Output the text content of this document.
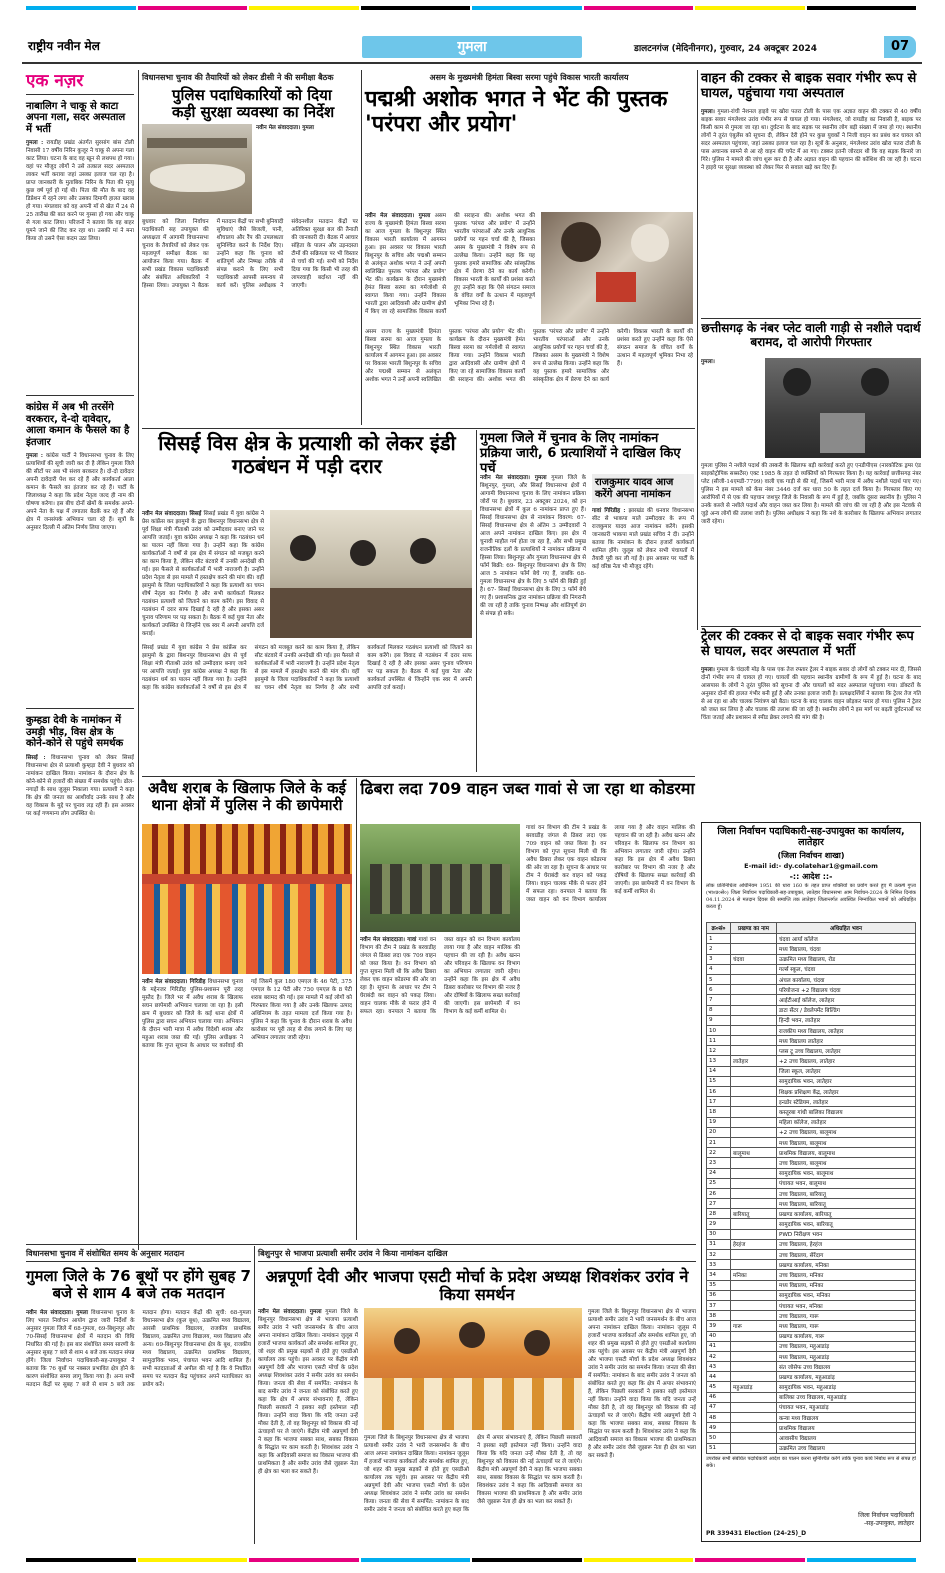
राष्ट्रीय नवीन मेल	गुमला	डालटनगंज (मेदिनीनगर), गुरुवार, 24 अक्टूबर 2024	07
एक नज़र
नाबालिग ने चाकू से काटा अपना गला, सदर अस्पताल में भर्ती
गुमला : रायडीह प्रखंड अंतर्गत सुरसांग बांस टोली निवासी 17 वर्षीय निरिन कुजूर ने चाकू से अपना गला काट लिया। घटना के बाद वह खून से लथपथ हो गया। वहां पर मौजूद लोगों ने उसे तत्काल सदर अस्पताल लाकर भर्ती कराया जहां उसका इलाज चल रहा है। प्राप्त जानकारी के मुताबिक निरिन के पिता की मृत्यु कुछ वर्ष पूर्व हो गई थी। पिता की मौत के बाद वह डिप्रेशन में रहने लगा और उसका दिमागी हालत खराब हो गया। मंगलवार को वह अपनी माँ से खेत में 24 से 25 तारीख की बात करने पर गुस्सा हो गया और चाकू से गला काट लिया। परिजनों ने बताया कि वह बाहर घूमने जाने की जिद कर रहा था। उसकी मां ने मना किया तो उसने ऐसा कदम उठा लिया।
कांग्रेस में अब भी तरसेंगे वरकरार, दे-दो दावेदार, आला कमान के फैसले का है इंतजार
गुमला : कांग्रेस पार्टी ने विधानसभा चुनाव के लिए प्रत्याशियों की सूची जारी कर दी है लेकिन गुमला जिले की सीटों पर अब भी संशय बरकरार है। दो-दो दावेदार अपनी दावेदारी पेश कर रहे हैं और कार्यकर्ता आला कमान के फैसले का इंतजार कर रहे हैं। पार्टी के जिलाध्यक्ष ने कहा कि प्रदेश नेतृत्व जल्द ही नाम की घोषणा करेगा। इस बीच दोनों खेमों के समर्थक अपने-अपने नेता के पक्ष में लगातार बैठकें कर रहे हैं और क्षेत्र में जनसंपर्क अभियान चला रहे हैं। सूत्रों के अनुसार दिल्ली में अंतिम निर्णय लिया जाएगा।
कुम्हडा देवी के नामांकन में उमड़ी भीड़, विस क्षेत्र के कोने-कोने से पहुंचे समर्थक
सिसई : विधानसभा चुनाव को लेकर सिसई विधानसभा क्षेत्र से प्रत्याशी कुम्हड़ा देवी ने बुधवार को नामांकन दाखिल किया। नामांकन के दौरान क्षेत्र के कोने-कोने से हजारों की संख्या में समर्थक पहुंचे। ढोल-नगाड़ों के साथ जुलूस निकाला गया। प्रत्याशी ने कहा कि क्षेत्र की जनता का आशीर्वाद उनके साथ है और वह विकास के मुद्दे पर चुनाव लड़ रही हैं। इस अवसर पर कई गणमान्य लोग उपस्थित थे।
विधानसभा चुनाव की तैयारियों को लेकर डीसी ने की समीक्षा बैठक
पुलिस पदाधिकारियों को दिया कड़ी सुरक्षा व्यवस्था का निर्देश
नवीन मेल संवाददाता। गुमला
बुधवार को जिला निर्वाचन पदाधिकारी सह उपायुक्त की अध्यक्षता में आगामी विधानसभा चुनाव के तैयारियों को लेकर एक महत्वपूर्ण समीक्षा बैठक का आयोजन किया गया। बैठक में सभी प्रखंड विकास पदाधिकारी और संबंधित अधिकारियों ने हिस्सा लिया। उपायुक्त ने बैठक में मतदान केंद्रों पर सभी बुनियादी सुविधाएं जैसे बिजली, पानी, शौचालय और रैंप की उपलब्धता सुनिश्चित करने के निर्देश दिए। उन्होंने कहा कि चुनाव को शांतिपूर्ण और निष्पक्ष तरीके से संपन्न कराने के लिए सभी पदाधिकारी आपसी समन्वय से कार्य करें। पुलिस अधीक्षक ने संवेदनशील मतदान केंद्रों पर अतिरिक्त सुरक्षा बल की तैनाती की जानकारी दी। बैठक में आचार संहिता के पालन और उड़नदस्ता टीमों की सक्रियता पर भी विस्तार से चर्चा की गई। सभी को निर्देश दिया गया कि किसी भी तरह की लापरवाही बर्दाश्त नहीं की जाएगी।
असम के मुख्यमंत्री हिमंता बिस्वा सरमा पहुंचे विकास भारती कार्यालय
पद्मश्री अशोक भगत ने भेंट की पुस्तक 'परंपरा और प्रयोग'
नवीन मेल संवाददाता। गुमला असम राज्य के मुख्यमंत्री हिमंता बिस्वा सरमा का आज गुमला के बिशुनपुर स्थित विकास भारती कार्यालय में आगमन हुआ। इस अवसर पर विकास भारती बिशुनपुर के सचिव और पद्मश्री सम्मान से अलंकृत अशोक भगत ने उन्हें अपनी स्वलिखित पुस्तक 'परंपरा और प्रयोग' भेंट की। कार्यक्रम के दौरान मुख्यमंत्री हेमंत बिस्वा सरमा का गर्मजोशी से स्वागत किया गया। उन्होंने विकास भारती द्वारा आदिवासी और ग्रामीण क्षेत्रों में किए जा रहे सामाजिक विकास कार्यों की सराहना की। अशोक भगत की पुस्तक 'परंपरा और प्रयोग' में उन्होंने भारतीय परंपराओं और उनके आधुनिक प्रयोगों पर गहन चर्चा की है, जिसका असम के मुख्यमंत्री ने विशेष रूप से उल्लेख किया। उन्होंने कहा कि यह पुस्तक हमारे सामाजिक और सांस्कृतिक क्षेत्र में प्रेरणा देने का कार्य करेगी। विकास भारती के कार्यों की प्रशंसा करते हुए उन्होंने कहा कि ऐसे संगठन समाज के वंचित वर्गों के उत्थान में महत्वपूर्ण भूमिका निभा रहे हैं।
असम राज्य के मुख्यमंत्री हिमंता बिस्वा सरमा का आज गुमला के बिशुनपुर स्थित विकास भारती कार्यालय में आगमन हुआ। इस अवसर पर विकास भारती बिशुनपुर के सचिव और पद्मश्री सम्मान से अलंकृत अशोक भगत ने उन्हें अपनी स्वलिखित पुस्तक 'परंपरा और प्रयोग' भेंट की। कार्यक्रम के दौरान मुख्यमंत्री हेमंत बिस्वा सरमा का गर्मजोशी से स्वागत किया गया। उन्होंने विकास भारती द्वारा आदिवासी और ग्रामीण क्षेत्रों में किए जा रहे सामाजिक विकास कार्यों की सराहना की। अशोक भगत की पुस्तक 'परंपरा और प्रयोग' में उन्होंने भारतीय परंपराओं और उनके आधुनिक प्रयोगों पर गहन चर्चा की है, जिसका असम के मुख्यमंत्री ने विशेष रूप से उल्लेख किया। उन्होंने कहा कि यह पुस्तक हमारे सामाजिक और सांस्कृतिक क्षेत्र में प्रेरणा देने का कार्य करेगी। विकास भारती के कार्यों की प्रशंसा करते हुए उन्होंने कहा कि ऐसे संगठन समाज के वंचित वर्गों के उत्थान में महत्वपूर्ण भूमिका निभा रहे हैं।
वाहन की टक्कर से बाइक सवार गंभीर रूप से घायल, पहुंचाया गया अस्पताल
गुमला। गुमला-रांची नेशनल हाइवे पर खोरा पतरा टोली के पास एक अज्ञात वाहन की टक्कर से 40 वर्षीय बाइक सवार मंगलेश्वर उरांव गंभीर रूप से घायल हो गया। मंगलेश्वर, जो रायडीह का निवासी है, बाइक पर किसी काम से गुमला जा रहा था। दुर्घटना के बाद सड़क पर स्थानीय लोग बड़ी संख्या में जमा हो गए। स्थानीय लोगों ने तुरंत एंबुलेंस को सूचना दी, लेकिन देरी होने पर कुछ युवकों ने निजी वाहन का प्रबंध कर घायल को सदर अस्पताल पहुंचाया, जहां उसका इलाज चल रहा है। सूत्रों के अनुसार, मंगलेश्वर उरांव खोरा पतरा टोली के पास अचानक सामने से आ रहे वाहन की चपेट में आ गए। टक्कर इतनी जोरदार थी कि वह सड़क किनारे जा गिरे। पुलिस ने मामले की जांच शुरू कर दी है और अज्ञात वाहन की पहचान की कोशिश की जा रही है। घटना ने हाइवे पर सुरक्षा व्यवस्था को लेकर फिर से सवाल खड़े कर दिए हैं।
छत्तीसगढ़ के नंबर प्लेट वाली गाड़ी से नशीले पदार्थ बरामद, दो आरोपी गिरफ्तार
गुमला।
गुमला पुलिस ने नशीले पदार्थ की तस्करी के खिलाफ बड़ी कार्रवाई करते हुए एनडीपीएस (नारकोटिक ड्रग्स एंड साइकोट्रोपिक सब्सटेंस) एक्ट 1985 के तहत दो व्यक्तियों को गिरफ्तार किया है। यह कार्रवाई छत्तीसगढ़ नंबर प्लेट (सीजी-14एमडी-7799) वाली एक गाड़ी से की गई, जिसमें भारी मात्रा में अवैध नशीले पदार्थ पाए गए। पुलिस ने इस मामले को केस नंबर 3446 दर्ज कर धारा 50 के तहत दर्ज किया है। गिरफ्तार किए गए आरोपियों में से एक की पहचान जशपुर जिले के निवासी के रूप में हुई है, जबकि दूसरा स्थानीय है। पुलिस ने उनके कब्जे से नशीले पदार्थ और वाहन जब्त कर लिया है। मामले की जांच की जा रही है और इस नेटवर्क से जुड़े अन्य लोगों की तलाश जारी है। पुलिस अधीक्षक ने कहा कि नशे के कारोबार के खिलाफ अभियान लगातार जारी रहेगा।
ट्रेलर की टक्कर से दो बाइक सवार गंभीर रूप से घायल, सदर अस्पताल में भर्ती
गुमला। गुमला के चंदाली मोड़ के पास एक तेज रफ्तार ट्रेलर ने बाइक सवार दो लोगों को टक्कर मार दी, जिससे दोनों गंभीर रूप से घायल हो गए। घायलों की पहचान स्थानीय ग्रामीणों के रूप में हुई है। घटना के बाद आसपास के लोगों ने तुरंत पुलिस को सूचना दी और घायलों को सदर अस्पताल पहुंचाया गया। डॉक्टरों के अनुसार दोनों की हालत गंभीर बनी हुई है और उनका इलाज जारी है। प्रत्यक्षदर्शियों ने बताया कि ट्रेलर तेज गति से आ रहा था और चालक नियंत्रण खो बैठा। घटना के बाद चालक वाहन छोड़कर फरार हो गया। पुलिस ने ट्रेलर को जब्त कर लिया है और चालक की तलाश की जा रही है। स्थानीय लोगों ने इस मार्ग पर बढ़ती दुर्घटनाओं पर चिंता जताई और प्रशासन से स्पीड ब्रेकर लगाने की मांग की है।
सिसई विस क्षेत्र के प्रत्याशी को लेकर इंडी गठबंधन में पड़ी दरार
नवीन मेल संवाददाता। सिसई सिसई प्रखंड में युवा कांग्रेस ने प्रेस कांफ्रेंस कर झामुमो के द्वारा बिशनपुर विधानसभा क्षेत्र से पूर्व शिक्षा मंत्री गीताश्री उरांव को उम्मीदवार बनाए जाने पर आपत्ति जताई। युवा कांग्रेस अध्यक्ष ने कहा कि गठबंधन धर्म का पालन नहीं किया गया है। उन्होंने कहा कि कांग्रेस कार्यकर्ताओं ने वर्षों से इस क्षेत्र में संगठन को मजबूत करने का काम किया है, लेकिन सीट बंटवारे में उनकी अनदेखी की गई। इस फैसले से कार्यकर्ताओं में भारी नाराजगी है। उन्होंने प्रदेश नेतृत्व से इस मामले में हस्तक्षेप करने की मांग की। वहीं झामुमो के जिला पदाधिकारियों ने कहा कि प्रत्याशी का चयन शीर्ष नेतृत्व का निर्णय है और सभी कार्यकर्ता मिलकर गठबंधन प्रत्याशी को जिताने का काम करेंगे। इस विवाद से गठबंधन में दरार साफ दिखाई दे रही है और इसका असर चुनाव परिणाम पर पड़ सकता है। बैठक में कई युवा नेता और कार्यकर्ता उपस्थित थे जिन्होंने एक स्वर में अपनी आपत्ति दर्ज कराई।
सिसई प्रखंड में युवा कांग्रेस ने प्रेस कांफ्रेंस कर झामुमो के द्वारा बिशनपुर विधानसभा क्षेत्र से पूर्व शिक्षा मंत्री गीताश्री उरांव को उम्मीदवार बनाए जाने पर आपत्ति जताई। युवा कांग्रेस अध्यक्ष ने कहा कि गठबंधन धर्म का पालन नहीं किया गया है। उन्होंने कहा कि कांग्रेस कार्यकर्ताओं ने वर्षों से इस क्षेत्र में संगठन को मजबूत करने का काम किया है, लेकिन सीट बंटवारे में उनकी अनदेखी की गई। इस फैसले से कार्यकर्ताओं में भारी नाराजगी है। उन्होंने प्रदेश नेतृत्व से इस मामले में हस्तक्षेप करने की मांग की। वहीं झामुमो के जिला पदाधिकारियों ने कहा कि प्रत्याशी का चयन शीर्ष नेतृत्व का निर्णय है और सभी कार्यकर्ता मिलकर गठबंधन प्रत्याशी को जिताने का काम करेंगे। इस विवाद से गठबंधन में दरार साफ दिखाई दे रही है और इसका असर चुनाव परिणाम पर पड़ सकता है। बैठक में कई युवा नेता और कार्यकर्ता उपस्थित थे जिन्होंने एक स्वर में अपनी आपत्ति दर्ज कराई।
गुमला जिले में चुनाव के लिए नामांकन प्रक्रिया जारी, 6 प्रत्याशियों ने दाखिल किए पर्चे
नवीन मेल संवाददाता। गुमला गुमला जिले के बिशुनपुर, गुमला, और सिसई विधानसभा क्षेत्रों में आगामी विधानसभा चुनाव के लिए नामांकन प्रक्रिया जोरों पर है। बुधवार, 23 अक्टूबर 2024, को इन विधानसभा क्षेत्रों में कुल 6 नामांकन प्राप्त हुए हैं। सिसई विधानसभा क्षेत्र से नामांकन विवरण: 67- सिसई विधानसभा क्षेत्र से अंतिम 3 उम्मीदवारों ने आज अपने नामांकन दाखिल किए। इस क्षेत्र में चुनावी माहौल गर्म होता जा रहा है, और सभी प्रमुख राजनीतिक दलों के प्रत्याशियों ने नामांकन प्रक्रिया में हिस्सा लिया। बिशुनपुर और गुमला विधानसभा क्षेत्र से फॉर्म बिक्री: 69- बिशुनपुर विधानसभा क्षेत्र के लिए आज 5 नामांकन फॉर्म बेचे गए हैं, जबकि 68- गुमला विधानसभा क्षेत्र के लिए 5 फॉर्म की बिक्री हुई है। 67- सिसई विधानसभा क्षेत्र के लिए 3 फॉर्म बेचे गए हैं। प्रशासनिक द्वारा नामांकन प्रक्रिया की निगरानी की जा रही है ताकि चुनाव निष्पक्ष और शांतिपूर्ण ढंग से संपन्न हो सके।
राजकुमार यादव आज करेंगे अपना नामांकन
गावां गिरिडीह : झारखंड की धनवार विधानसभा सीट से भाकपा माले उम्मीदवार के रूप में राजकुमार यादव आज नामांकन करेंगे। इसकी जानकारी भाकपा माले प्रखंड सचिव ने दी। उन्होंने बताया कि नामांकन के दौरान हजारों कार्यकर्ता शामिल होंगे। जुलूस को लेकर सभी पंचायतों में तैयारी पूरी कर ली गई है। इस अवसर पर पार्टी के कई वरिष्ठ नेता भी मौजूद रहेंगे।
अवैध शराब के खिलाफ जिले के कई थाना क्षेत्रों में पुलिस ने की छापेमारी
नवीन मेल संवाददाता। गिरिडीह विधानसभा चुनाव के मद्देनजर गिरिडीह पुलिस-प्रशासन पूरी तरह मुस्तैद है। जिले भर में अवैध शराब के खिलाफ सघन छापेमारी अभियान चलाया जा रहा है। इसी क्रम में बुधवार को जिले के कई थाना क्षेत्रों में पुलिस द्वारा सघन अभियान चलाया गया। अभियान के दौरान भारी मात्रा में अवैध विदेशी शराब और महुआ शराब जब्त की गई। पुलिस अधीक्षक ने बताया कि गुप्त सूचना के आधार पर कार्रवाई की गई जिसमें कुल 180 एमएल के 46 पेटी, 375 एमएल के 12 पेटी और 750 एमएल के 8 पेटी शराब बरामद की गई। इस मामले में कई लोगों को गिरफ्तार किया गया है और उनके खिलाफ उत्पाद अधिनियम के तहत मामला दर्ज किया गया है। पुलिस ने कहा कि चुनाव के दौरान शराब के अवैध कारोबार पर पूरी तरह से रोक लगाने के लिए यह अभियान लगातार जारी रहेगा।
ढिबरा लदा 709 वाहन जब्त गावां से जा रहा था कोडरमा
नवीन मेल संवाददाता। गावां गावां वन विभाग की टीम ने प्रखंड के बरवाडीह जंगल से ढिबरा लदा एक 709 वाहन को जब्त किया है। वन विभाग को गुप्त सूचना मिली थी कि अवैध ढिबरा लेकर एक वाहन कोडरमा की ओर जा रहा है। सूचना के आधार पर टीम ने घेराबंदी कर वाहन को पकड़ लिया। वाहन चालक मौके से फरार होने में सफल रहा। वनपाल ने बताया कि जब्त वाहन को वन विभाग कार्यालय लाया गया है और वाहन मालिक की पहचान की जा रही है। अवैध खनन और परिवहन के खिलाफ वन विभाग का अभियान लगातार जारी रहेगा। उन्होंने कहा कि इस क्षेत्र में अवैध ढिबरा कारोबार पर विभाग की नजर है और दोषियों के खिलाफ सख्त कार्रवाई की जाएगी। इस छापेमारी में वन विभाग के कई कर्मी शामिल थे।
गावां वन विभाग की टीम ने प्रखंड के बरवाडीह जंगल से ढिबरा लदा एक 709 वाहन को जब्त किया है। वन विभाग को गुप्त सूचना मिली थी कि अवैध ढिबरा लेकर एक वाहन कोडरमा की ओर जा रहा है। सूचना के आधार पर टीम ने घेराबंदी कर वाहन को पकड़ लिया। वाहन चालक मौके से फरार होने में सफल रहा। वनपाल ने बताया कि जब्त वाहन को वन विभाग कार्यालय लाया गया है और वाहन मालिक की पहचान की जा रही है। अवैध खनन और परिवहन के खिलाफ वन विभाग का अभियान लगातार जारी रहेगा। उन्होंने कहा कि इस क्षेत्र में अवैध ढिबरा कारोबार पर विभाग की नजर है और दोषियों के खिलाफ सख्त कार्रवाई की जाएगी। इस छापेमारी में वन विभाग के कई कर्मी शामिल थे।
जिला निर्वाचन पदाधिकारी-सह-उपायुक्त का कार्यालय, लातेहार
(जिला निर्वाचन शाखा)
E-mail id:- dy.colatehar1@gmail.com
-:: आदेश ::-
लोक प्रतिनिधित्व अधिनियम 1951 की धारा 160 के तहत प्राप्त शक्तियों का प्रयोग करते हुए मैं उत्कर्ष गुप्ता (भा०प्र०से०) जिला निर्वाचन पदाधिकारी-सह-उपायुक्त, लातेहार विधानसभा आम निर्वाचन-2024 के निमित्त दिनांक 04.11.2024 से मतदान दिवस की समाप्ति तक लातेहार जिलान्तर्गत अवस्थित निम्नांकित भवनों को अधिग्रहित करता हूँ।
क्र०सं०	प्रखण्ड का नाम	अधिग्रहित भवन
1		चंदवा आर्या कॉलेज
2		मध्य विद्यालय, चंदवा
3	चंदवा	उत्क्रमित मध्य विद्यालय, रोड
4		गर्ल्स स्कूल, चंदवा
5		अंचल कार्यालय, चंदवा
6		परियोजना +2 विद्यालय चंदवा
7		आईटीआई कॉलेज, लातेहार
8		डाटा सेंटर / डेवलेपमेंट बिल्डिंग
9		हिन्दी भवन, लातेहार
10		राजकीय मध्य विद्यालय, लातेहार
11		मध्य विद्यालय लातेहार
12		प्लस टू उच्च विद्यालय, लातेहार
13	लातेहार	+2 उच्च विद्यालय, लातेहार
14		जिला स्कूल, लातेहार
15		सामुदायिक भवन, लातेहार
16		शिक्षक प्रशिक्षण केंद्र, लातेहार
17		इनडोर स्टेडियम, लातेहार
18		कस्तूरबा गांधी बालिका विद्यालय
19		महिला कॉलेज, लातेहार
20		+2 उच्च विद्यालय, बालूमाथ
21		मध्य विद्यालय, बालूमाथ
22	बालूमाथ	प्राथमिक विद्यालय, बालूमाथ
23		उच्च विद्यालय, बालूमाथ
24		सामुदायिक भवन, बालूमाथ
25		पंचायत भवन, बालूमाथ
26		उच्च विद्यालय, बारियातू
27		मध्य विद्यालय, बारियातू
28	बारियातू	प्रखण्ड कार्यालय, बारियातू
29		सामुदायिक भवन, बारियातू
30		PWD निरीक्षण भवन
31	हेरहंज	उच्च विद्यालय, हेरहंज
32		उच्च विद्यालय, सेरेंदाग
33		प्रखण्ड कार्यालय, मनिका
34	मनिका	उच्च विद्यालय, मनिका
35		मध्य विद्यालय, मनिका
36		सामुदायिक भवन, मनिका
37		पंचायत भवन, मनिका
38		उच्च विद्यालय, गारू
39	गारू	मध्य विद्यालय, गारू
40		प्रखण्ड कार्यालय, गारू
41		उच्च विद्यालय, महुआडांड़
42		मध्य विद्यालय, महुआडांड़
43		संत जोसेफ उच्च विद्यालय
44		प्रखण्ड कार्यालय, महुआडांड़
45	महुआडांड़	सामुदायिक भवन, महुआडांड़
46		बालिका उच्च विद्यालय, महुआडांड़
47		पंचायत भवन, महुआडांड़
48		कन्या मध्य विद्यालय
49		प्राथमिक विद्यालय
50		आवासीय विद्यालय
51		उत्क्रमित उच्च विद्यालय
उपरोक्त सभी संबंधित पदाधिकारी आदेश का पालन करना सुनिश्चित करेंगे ताकि चुनाव कार्य निर्बाध रूप से संपन्न हो सके।
PR 339431 Election (24-25)_D
जिला निर्वाचन पदाधिकारी
-सह-उपायुक्त, लातेहार
विधानसभा चुनाव में संशोधित समय के अनुसार मतदान
गुमला जिले के 76 बूथों पर होंगे सुबह 7 बजे से शाम 4 बजे तक मतदान
नवीन मेल संवाददाता। गुमला विधानसभा चुनाव के लिए भारत निर्वाचन आयोग द्वारा जारी निर्देशों के अनुसार गुमला जिले में 68-गुमला, 69-बिशुनपुर और 70-सिसई विधानसभा क्षेत्रों में मतदान की विधि निर्धारित की गई है। इस बार संशोधित समय सारणी के अनुसार सुबह 7 बजे से शाम 4 बजे तक मतदान संपन्न होंगे। जिला निर्वाचन पदाधिकारी-सह-उपायुक्त ने बताया कि 76 बूथों पर नक्सल प्रभावित क्षेत्र होने के कारण संशोधित समय लागू किया गया है। अन्य सभी मतदान केंद्रों पर सुबह 7 बजे से शाम 5 बजे तक मतदान होगा। मतदान केंद्रों की सूची: 68-गुमला विधानसभा क्षेत्र (कुल बूथ), उत्क्रमित मध्य विद्यालय, आरसी प्राथमिक विद्यालय, राजकीय प्राथमिक विद्यालय, उत्क्रमित उच्च विद्यालय, मध्य विद्यालय और अन्य। 69-बिशुनपुर विधानसभा क्षेत्र के बूथ, राजकीय मध्य विद्यालय, उत्क्रमित प्राथमिक विद्यालय, सामुदायिक भवन, पंचायत भवन आदि शामिल हैं। सभी मतदाताओं से अपील की गई है कि वे निर्धारित समय पर मतदान केंद्र पहुंचकर अपने मताधिकार का प्रयोग करें।
बिशुनपुर से भाजपा प्रत्याशी समीर उरांव ने किया नामांकन दाखिल
अन्नपूर्णा देवी और भाजपा एसटी मोर्चा के प्रदेश अध्यक्ष शिवशंकर उरांव ने किया समर्थन
नवीन मेल संवाददाता। गुमला गुमला जिले के बिशुनपुर विधानसभा क्षेत्र से भाजपा प्रत्याशी समीर उरांव ने भारी जनसमर्थन के बीच आज अपना नामांकन दाखिल किया। नामांकन जुलूस में हजारों भाजपा कार्यकर्ता और समर्थक शामिल हुए, जो शहर की प्रमुख सड़कों से होते हुए एसडीओ कार्यालय तक पहुंचे। इस अवसर पर केंद्रीय मंत्री अन्नपूर्णा देवी और भाजपा एसटी मोर्चा के प्रदेश अध्यक्ष शिवशंकर उरांव ने समीर उरांव का समर्थन किया। जनता की सेवा में समर्पित: नामांकन के बाद समीर उरांव ने जनता को संबोधित करते हुए कहा कि क्षेत्र में अपार संभावनाएं हैं, लेकिन पिछली सरकारों ने इसका सही इस्तेमाल नहीं किया। उन्होंने वादा किया कि यदि जनता उन्हें मौका देती है, तो वह बिशुनपुर को विकास की नई ऊंचाइयों पर ले जाएंगे। केंद्रीय मंत्री अन्नपूर्णा देवी ने कहा कि भाजपा सबका साथ, सबका विकास के सिद्धांत पर काम करती है। शिवशंकर उरांव ने कहा कि आदिवासी समाज का विकास भाजपा की प्राथमिकता है और समीर उरांव जैसे जुझारू नेता ही क्षेत्र का भला कर सकते हैं।
गुमला जिले के बिशुनपुर विधानसभा क्षेत्र से भाजपा प्रत्याशी समीर उरांव ने भारी जनसमर्थन के बीच आज अपना नामांकन दाखिल किया। नामांकन जुलूस में हजारों भाजपा कार्यकर्ता और समर्थक शामिल हुए, जो शहर की प्रमुख सड़कों से होते हुए एसडीओ कार्यालय तक पहुंचे। इस अवसर पर केंद्रीय मंत्री अन्नपूर्णा देवी और भाजपा एसटी मोर्चा के प्रदेश अध्यक्ष शिवशंकर उरांव ने समीर उरांव का समर्थन किया। जनता की सेवा में समर्पित: नामांकन के बाद समीर उरांव ने जनता को संबोधित करते हुए कहा कि क्षेत्र में अपार संभावनाएं हैं, लेकिन पिछली सरकारों ने इसका सही इस्तेमाल नहीं किया। उन्होंने वादा किया कि यदि जनता उन्हें मौका देती है, तो वह बिशुनपुर को विकास की नई ऊंचाइयों पर ले जाएंगे। केंद्रीय मंत्री अन्नपूर्णा देवी ने कहा कि भाजपा सबका साथ, सबका विकास के सिद्धांत पर काम करती है। शिवशंकर उरांव ने कहा कि आदिवासी समाज का विकास भाजपा की प्राथमिकता है और समीर उरांव जैसे जुझारू नेता ही क्षेत्र का भला कर सकते हैं।
गुमला जिले के बिशुनपुर विधानसभा क्षेत्र से भाजपा प्रत्याशी समीर उरांव ने भारी जनसमर्थन के बीच आज अपना नामांकन दाखिल किया। नामांकन जुलूस में हजारों भाजपा कार्यकर्ता और समर्थक शामिल हुए, जो शहर की प्रमुख सड़कों से होते हुए एसडीओ कार्यालय तक पहुंचे। इस अवसर पर केंद्रीय मंत्री अन्नपूर्णा देवी और भाजपा एसटी मोर्चा के प्रदेश अध्यक्ष शिवशंकर उरांव ने समीर उरांव का समर्थन किया। जनता की सेवा में समर्पित: नामांकन के बाद समीर उरांव ने जनता को संबोधित करते हुए कहा कि क्षेत्र में अपार संभावनाएं हैं, लेकिन पिछली सरकारों ने इसका सही इस्तेमाल नहीं किया। उन्होंने वादा किया कि यदि जनता उन्हें मौका देती है, तो वह बिशुनपुर को विकास की नई ऊंचाइयों पर ले जाएंगे। केंद्रीय मंत्री अन्नपूर्णा देवी ने कहा कि भाजपा सबका साथ, सबका विकास के सिद्धांत पर काम करती है। शिवशंकर उरांव ने कहा कि आदिवासी समाज का विकास भाजपा की प्राथमिकता है और समीर उरांव जैसे जुझारू नेता ही क्षेत्र का भला कर सकते हैं।
